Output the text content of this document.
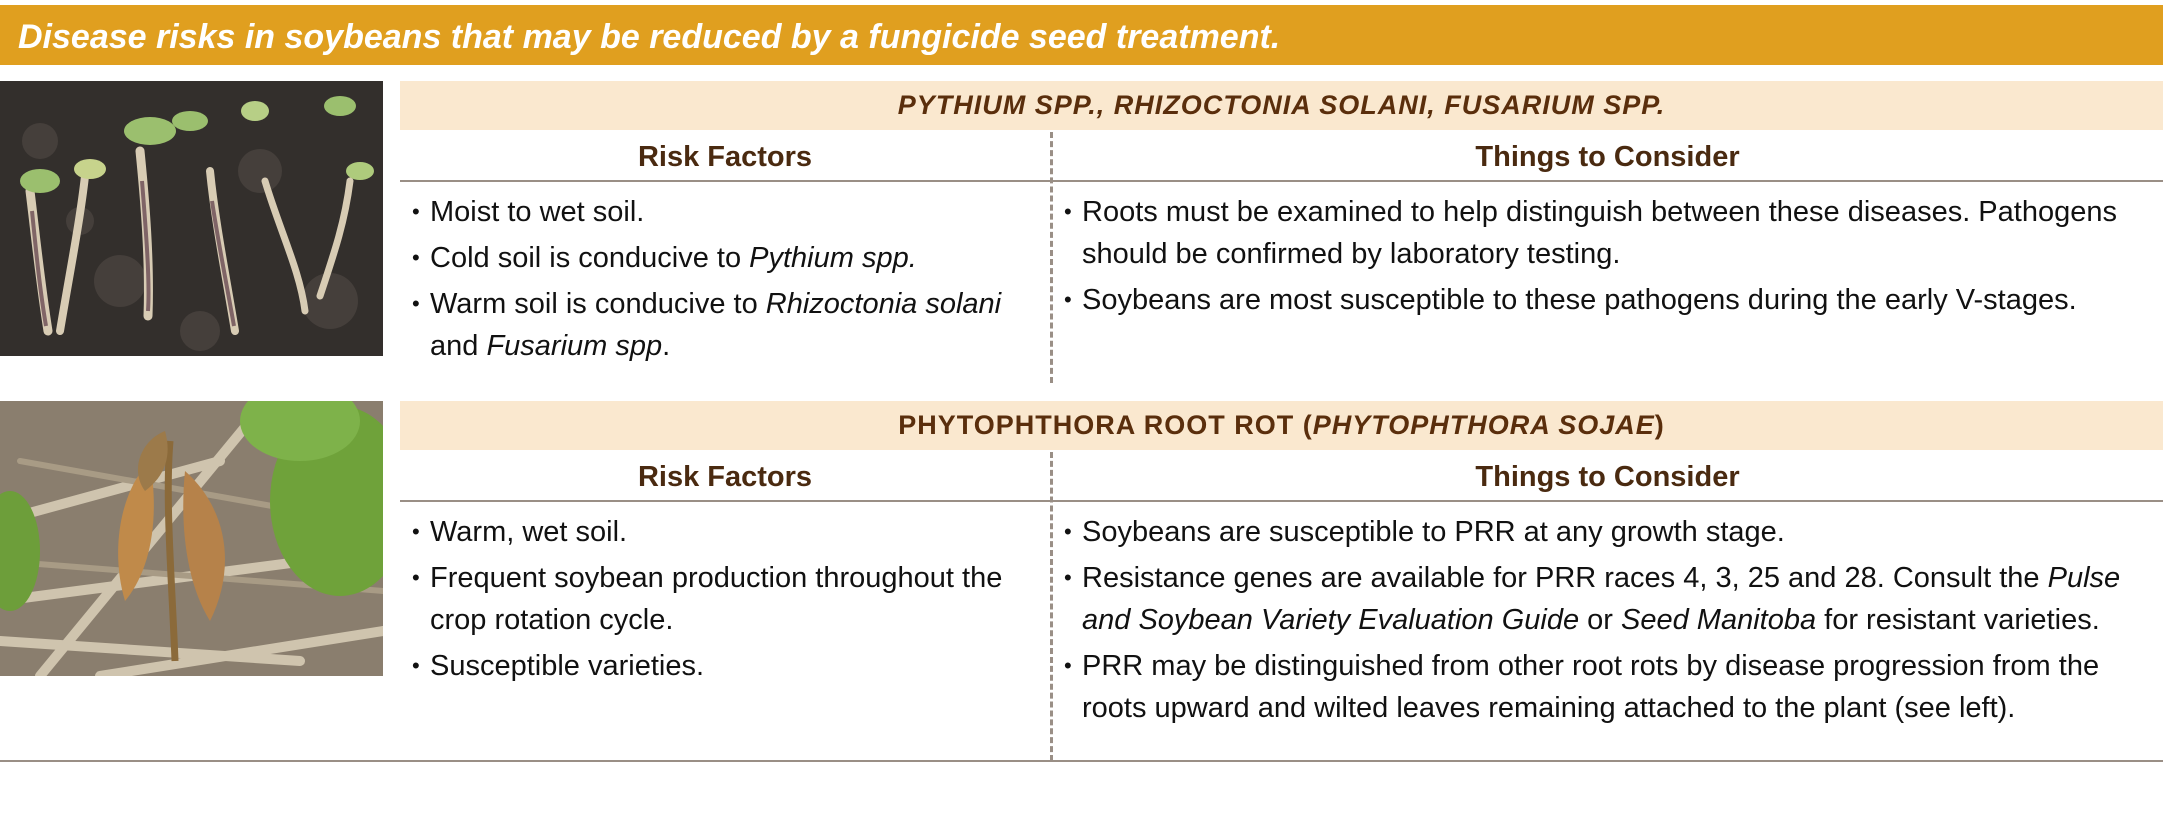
Disease risks in soybeans that may be reduced by a fungicide seed treatment.
PYTHIUM SPP., RHIZOCTONIA SOLANI, FUSARIUM SPP.
Risk Factors	Things to Consider
• Moist to wet soil.
• Cold soil is conducive to Pythium spp.
• Warm soil is conducive to Rhizoctonia solani and Fusarium spp.
• Roots must be examined to help distinguish between these diseases. Pathogens should be confirmed by laboratory testing.
• Soybeans are most susceptible to these pathogens during the early V-stages.
PHYTOPHTHORA ROOT ROT (PHYTOPHTHORA SOJAE)
Risk Factors	Things to Consider
• Warm, wet soil.
• Frequent soybean production throughout the crop rotation cycle.
• Susceptible varieties.
• Soybeans are susceptible to PRR at any growth stage.
• Resistance genes are available for PRR races 4, 3, 25 and 28. Consult the Pulse and Soybean Variety Evaluation Guide or Seed Manitoba for resistant varieties.
• PRR may be distinguished from other root rots by disease progression from the roots upward and wilted leaves remaining attached to the plant (see left).
